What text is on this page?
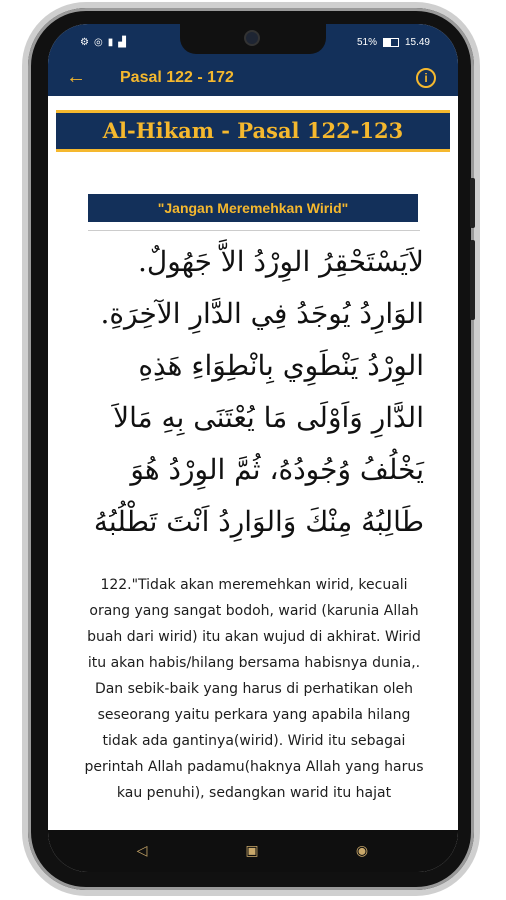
⚙ ◎ ▮ ▟	51%	15.49
← Pasal 122 - 172	i
Al-Hikam - Pasal 122-123
"Jangan Meremehkan Wirid"
لاَيَسْتَحْقِرُ الوِرْدُ الاَّ جَهُولٌ. الوَارِدُ يُوجَدُ فِي الدَّارِ الآخِرَةِ. الوِرْدُ يَنْطَوِي بِانْطِوَاءِ هَذِهِ الدَّارِ وَاَوْلَى مَا يُعْتَنَى بِهِ مَالاَ يَخْلُفُ وُجُودُهُ، ثُمَّ الوِرْدُ هُوَ طَالِبُهُ مِنْكَ وَالوَارِدُ اَنْتَ تَطْلُبُهُ
122."Tidak akan meremehkan wirid, kecuali orang yang sangat bodoh, warid (karunia Allah buah dari wirid) itu akan wujud di akhirat. Wirid itu akan habis/hilang bersama habisnya dunia,. Dan sebik-baik yang harus di perhatikan oleh seseorang yaitu perkara yang apabila hilang tidak ada gantinya(wirid). Wirid itu sebagai perintah Allah padamu(haknya Allah yang harus kau penuhi), sedangkan warid itu hajat
◁	▣	◉
